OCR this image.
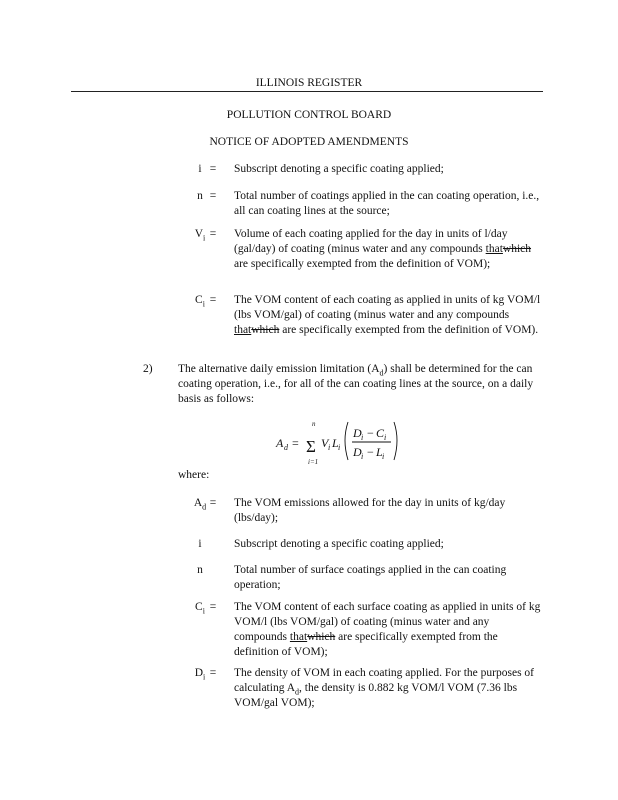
ILLINOIS REGISTER
POLLUTION CONTROL BOARD
NOTICE OF ADOPTED AMENDMENTS
i = Subscript denoting a specific coating applied;
n = Total number of coatings applied in the can coating operation, i.e., all can coating lines at the source;
$V_i$ = Volume of each coating applied for the day in units of l/day (gal/day) of coating (minus water and any compounds thatwhich are specifically exempted from the definition of VOM);
$C_i$ = The VOM content of each coating as applied in units of kg VOM/l (lbs VOM/gal) of coating (minus water and any compounds thatwhich are specifically exempted from the definition of VOM).
2) The alternative daily emission limitation $(A_d)$ shall be determined for the can coating operation, i.e., for all of the can coating lines at the source, on a daily basis as follows:
A d =
n
Σ
i=1
V i L i
D i − C i
D i − L i
where:
$A_d$ = The VOM emissions allowed for the day in units of kg/day (lbs/day);
i	Subscript denoting a specific coating applied;
n	Total number of surface coatings applied in the can coating operation;
$C_i$ = The VOM content of each surface coating as applied in units of kg VOM/l (lbs VOM/gal) of coating (minus water and any compounds thatwhich are specifically exempted from the definition of VOM);
$D_i$ = The density of VOM in each coating applied. For the purposes of calculating $A_d$, the density is 0.882 kg VOM/l VOM (7.36 lbs VOM/gal VOM);
